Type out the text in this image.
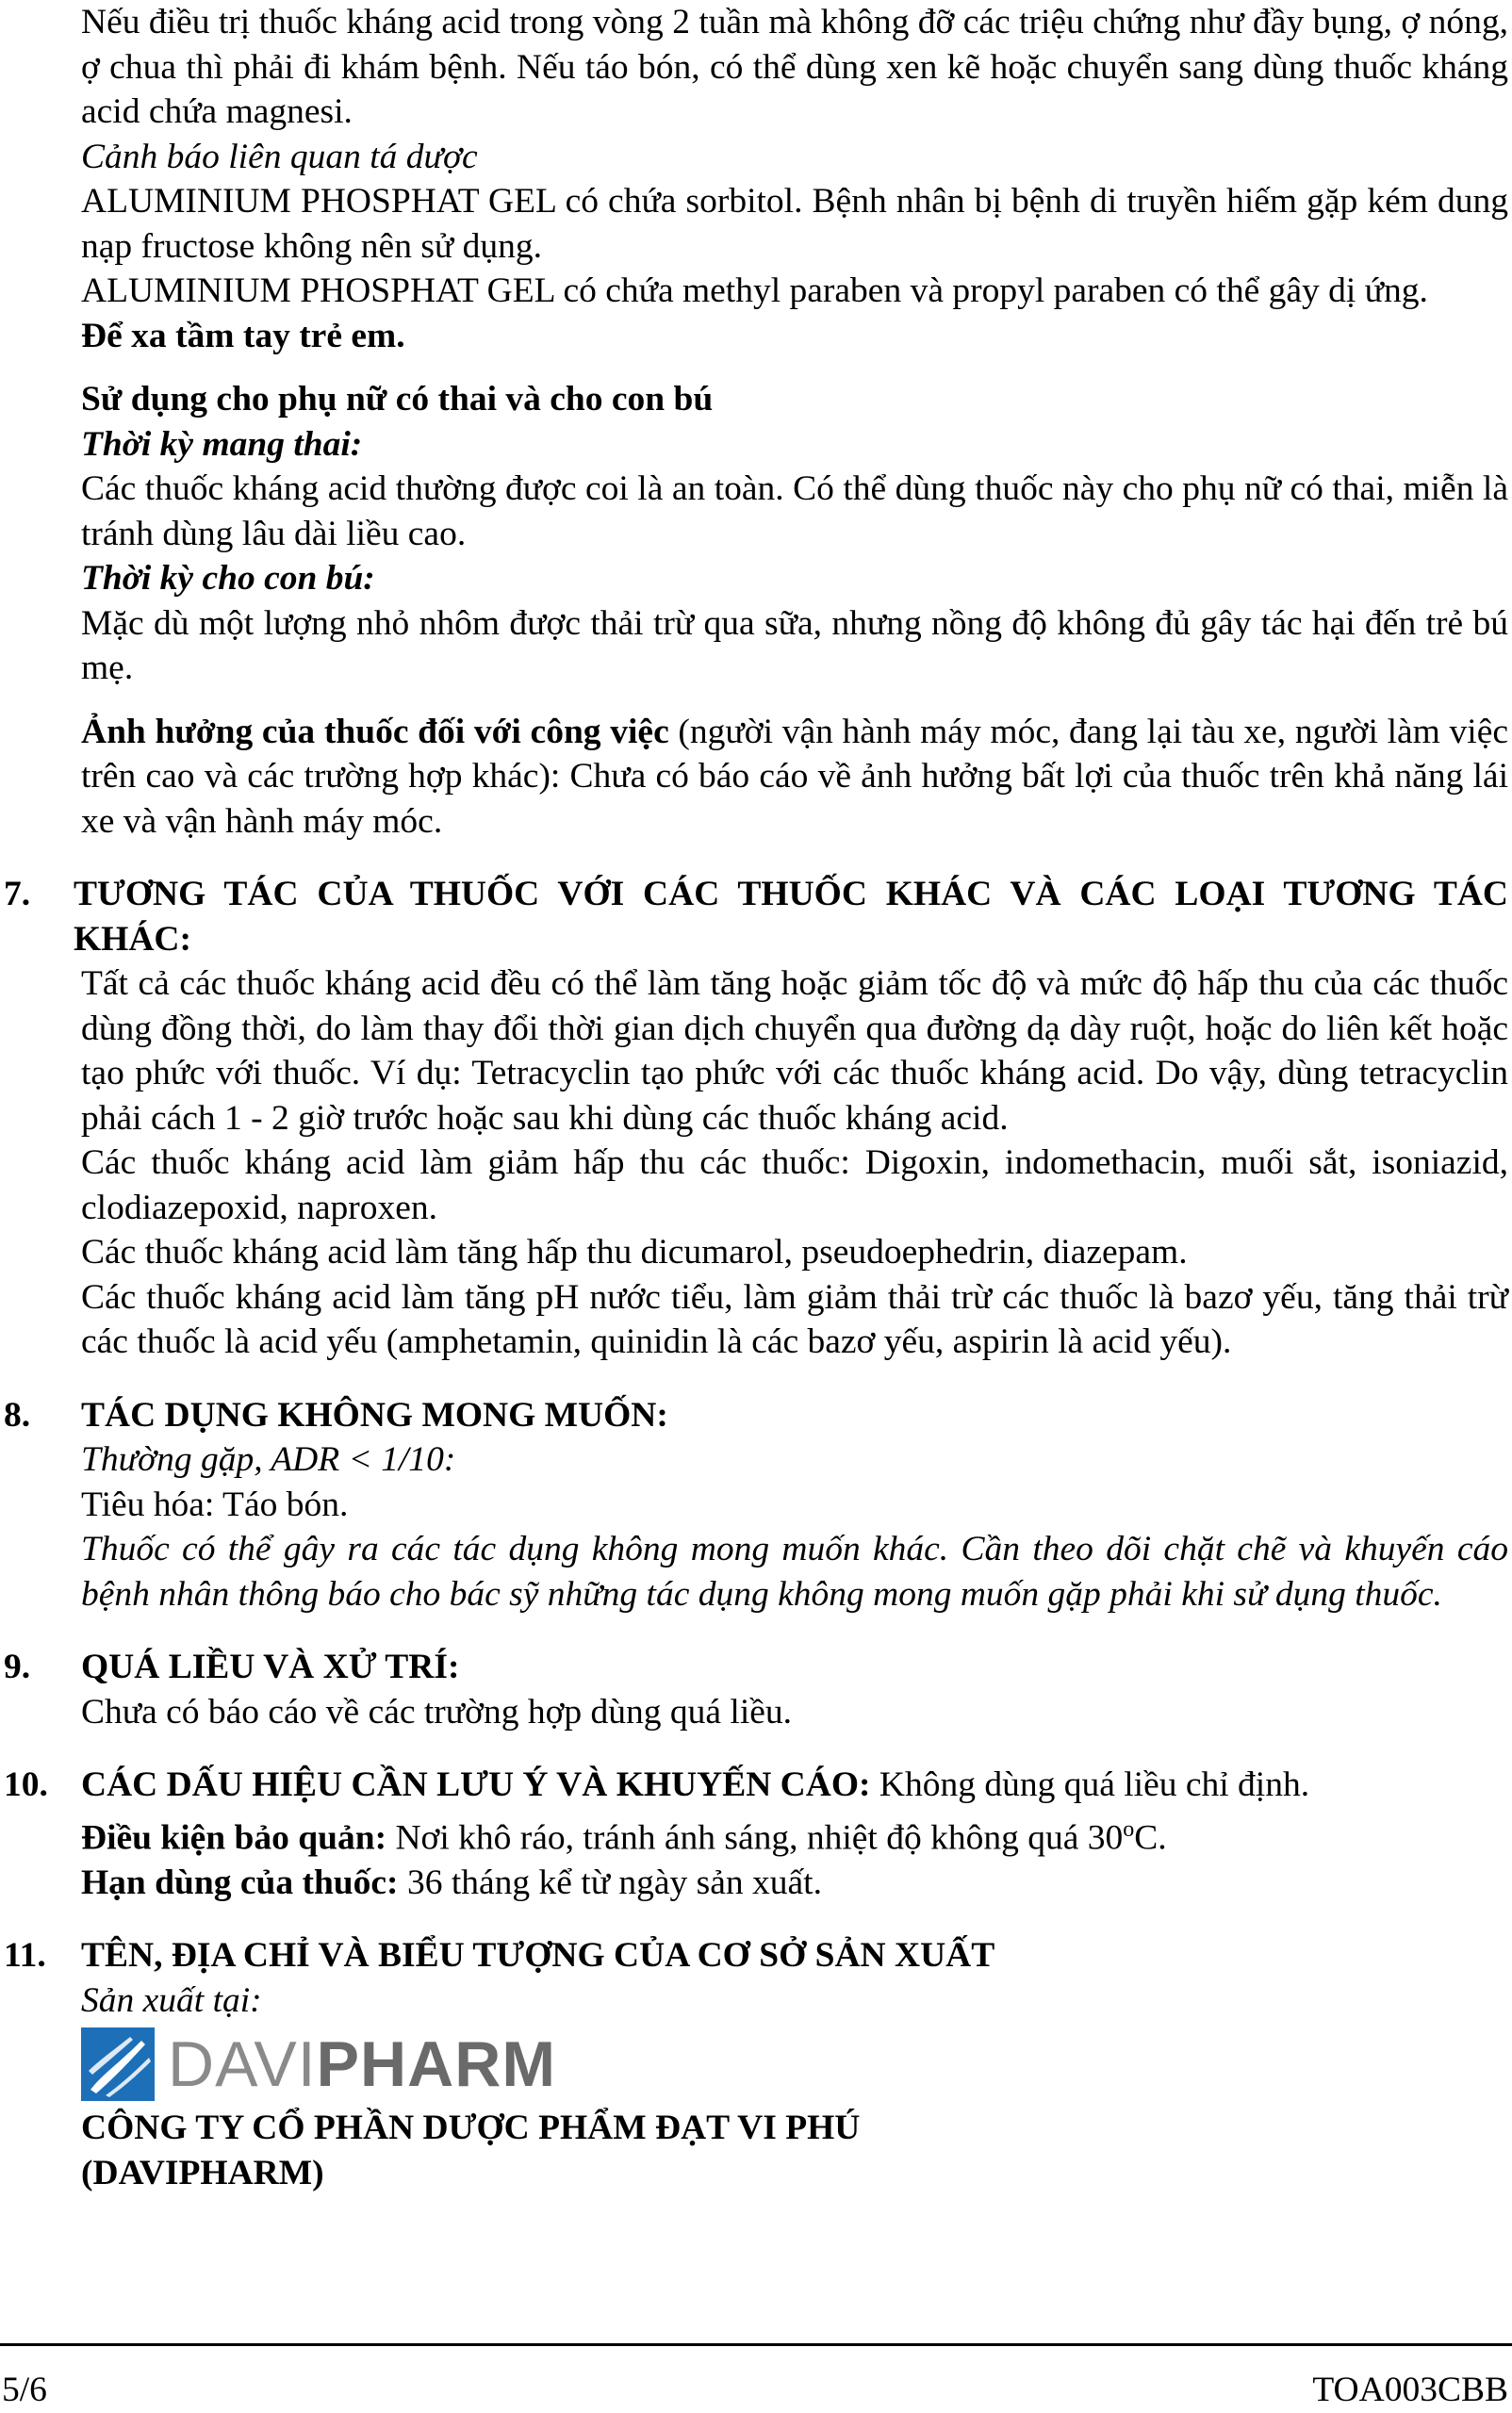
Nếu điều trị thuốc kháng acid trong vòng 2 tuần mà không đỡ các triệu chứng như đầy bụng, ợ nóng, ợ chua thì phải đi khám bệnh. Nếu táo bón, có thể dùng xen kẽ hoặc chuyển sang dùng thuốc kháng acid chứa magnesi.

Cảnh báo liên quan tá dược

ALUMINIUM PHOSPHAT GEL có chứa sorbitol. Bệnh nhân bị bệnh di truyền hiếm gặp kém dung nạp fructose không nên sử dụng.

ALUMINIUM PHOSPHAT GEL có chứa methyl paraben và propyl paraben có thể gây dị ứng.

Để xa tầm tay trẻ em.

Sử dụng cho phụ nữ có thai và cho con bú

Thời kỳ mang thai:

Các thuốc kháng acid thường được coi là an toàn. Có thể dùng thuốc này cho phụ nữ có thai, miễn là tránh dùng lâu dài liều cao.

Thời kỳ cho con bú:

Mặc dù một lượng nhỏ nhôm được thải trừ qua sữa, nhưng nồng độ không đủ gây tác hại đến trẻ bú mẹ.

Ảnh hưởng của thuốc đối với công việc (người vận hành máy móc, đang lại tàu xe, người làm việc trên cao và các trường hợp khác): Chưa có báo cáo về ảnh hưởng bất lợi của thuốc trên khả năng lái xe và vận hành máy móc.

7. TƯƠNG TÁC CỦA THUỐC VỚI CÁC THUỐC KHÁC VÀ CÁC LOẠI TƯƠNG TÁC KHÁC:

Tất cả các thuốc kháng acid đều có thể làm tăng hoặc giảm tốc độ và mức độ hấp thu của các thuốc dùng đồng thời, do làm thay đổi thời gian dịch chuyển qua đường dạ dày ruột, hoặc do liên kết hoặc tạo phức với thuốc. Ví dụ: Tetracyclin tạo phức với các thuốc kháng acid. Do vậy, dùng tetracyclin phải cách 1 - 2 giờ trước hoặc sau khi dùng các thuốc kháng acid.

Các thuốc kháng acid làm giảm hấp thu các thuốc: Digoxin, indomethacin, muối sắt, isoniazid, clodiazepoxid, naproxen.

Các thuốc kháng acid làm tăng hấp thu dicumarol, pseudoephedrin, diazepam.

Các thuốc kháng acid làm tăng pH nước tiểu, làm giảm thải trừ các thuốc là bazơ yếu, tăng thải trừ các thuốc là acid yếu (amphetamin, quinidin là các bazơ yếu, aspirin là acid yếu).

8. TÁC DỤNG KHÔNG MONG MUỐN:

Thường gặp, ADR < 1/10:

Tiêu hóa: Táo bón.

Thuốc có thể gây ra các tác dụng không mong muốn khác. Cần theo dõi chặt chẽ và khuyến cáo bệnh nhân thông báo cho bác sỹ những tác dụng không mong muốn gặp phải khi sử dụng thuốc.

9. QUÁ LIỀU VÀ XỬ TRÍ:

Chưa có báo cáo về các trường hợp dùng quá liều.

10. CÁC DẤU HIỆU CẦN LƯU Ý VÀ KHUYẾN CÁO: Không dùng quá liều chỉ định.

Điều kiện bảo quản: Nơi khô ráo, tránh ánh sáng, nhiệt độ không quá 30$^o$C.

Hạn dùng của thuốc: 36 tháng kể từ ngày sản xuất.

11. TÊN, ĐỊA CHỈ VÀ BIỂU TƯỢNG CỦA CƠ SỞ SẢN XUẤT

Sản xuất tại:

DAVIPHARM

CÔNG TY CỔ PHẦN DƯỢC PHẨM ĐẠT VI PHÚ

(DAVIPHARM)

5/6	TOA003CBB
